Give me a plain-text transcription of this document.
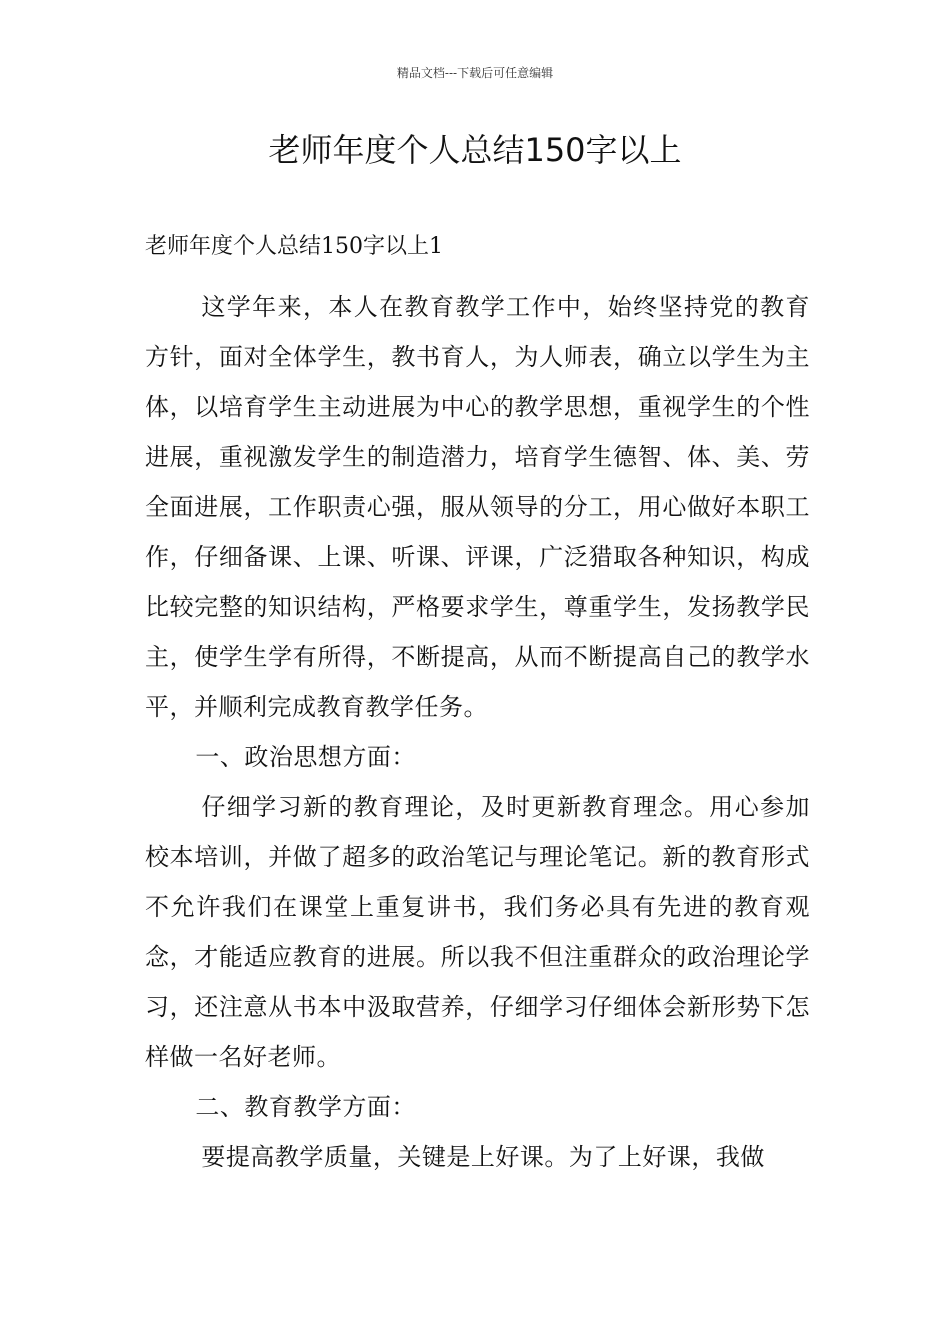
精品文档---下载后可任意编辑
老师年度个人总结150字以上
老师年度个人总结150字以上1

这学年来，本人在教育教学工作中，始终坚持党的教育方针，面对全体学生，教书育人，为人师表，确立以学生为主体，以培育学生主动进展为中心的教学思想，重视学生的个性进展，重视激发学生的制造潜力，培育学生德智、体、美、劳全面进展，工作职责心强，服从领导的分工，用心做好本职工作，仔细备课、上课、听课、评课，广泛猎取各种知识，构成比较完整的知识结构，严格要求学生，尊重学生，发扬教学民主，使学生学有所得，不断提高，从而不断提高自己的教学水平，并顺利完成教育教学任务。

一、政治思想方面：

仔细学习新的教育理论，及时更新教育理念。用心参加校本培训，并做了超多的政治笔记与理论笔记。新的教育形式不允许我们在课堂上重复讲书，我们务必具有先进的教育观念，才能适应教育的进展。所以我不但注重群众的政治理论学习，还注意从书本中汲取营养，仔细学习仔细体会新形势下怎样做一名好老师。

二、教育教学方面：

要提高教学质量，关键是上好课。为了上好课，我做
